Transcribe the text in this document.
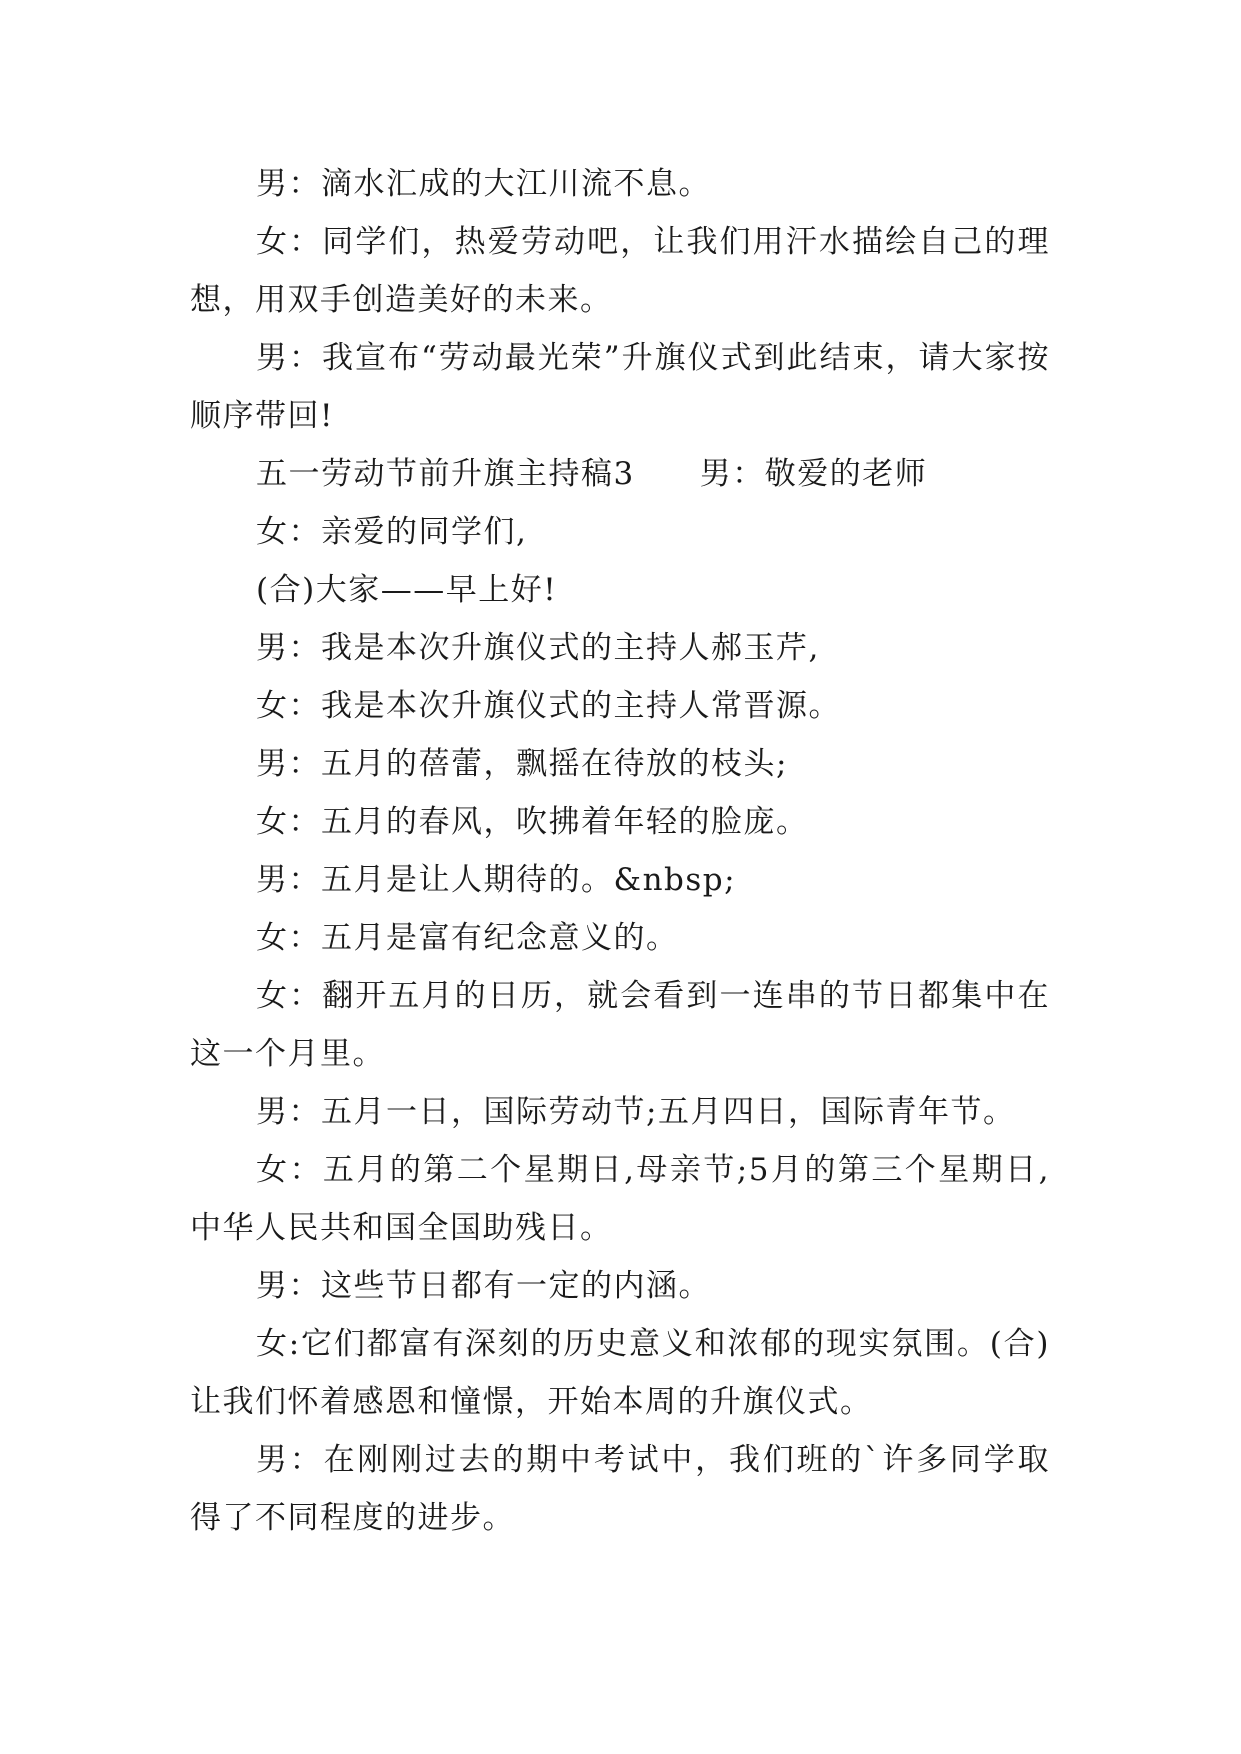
男：滴水汇成的大江川流不息。

女：同学们，热爱劳动吧，让我们用汗水描绘自己的理想，用双手创造美好的未来。

男：我宣布“劳动最光荣”升旗仪式到此结束，请大家按顺序带回!

五一劳动节前升旗主持稿3　　男：敬爱的老师

女：亲爱的同学们,

(合)大家——早上好!

男：我是本次升旗仪式的主持人郝玉芹,

女：我是本次升旗仪式的主持人常晋源。

男：五月的蓓蕾，飘摇在待放的枝头;

女：五月的春风，吹拂着年轻的脸庞。

男：五月是让人期待的。&nbsp;

女：五月是富有纪念意义的。

女：翻开五月的日历，就会看到一连串的节日都集中在这一个月里。

男：五月一日，国际劳动节;五月四日，国际青年节。

女：五月的第二个星期日,母亲节;5月的第三个星期日,中华人民共和国全国助残日。

男：这些节日都有一定的内涵。

女:它们都富有深刻的历史意义和浓郁的现实氛围。(合)让我们怀着感恩和憧憬，开始本周的升旗仪式。

男：在刚刚过去的期中考试中，我们班的`许多同学取得了不同程度的进步。
